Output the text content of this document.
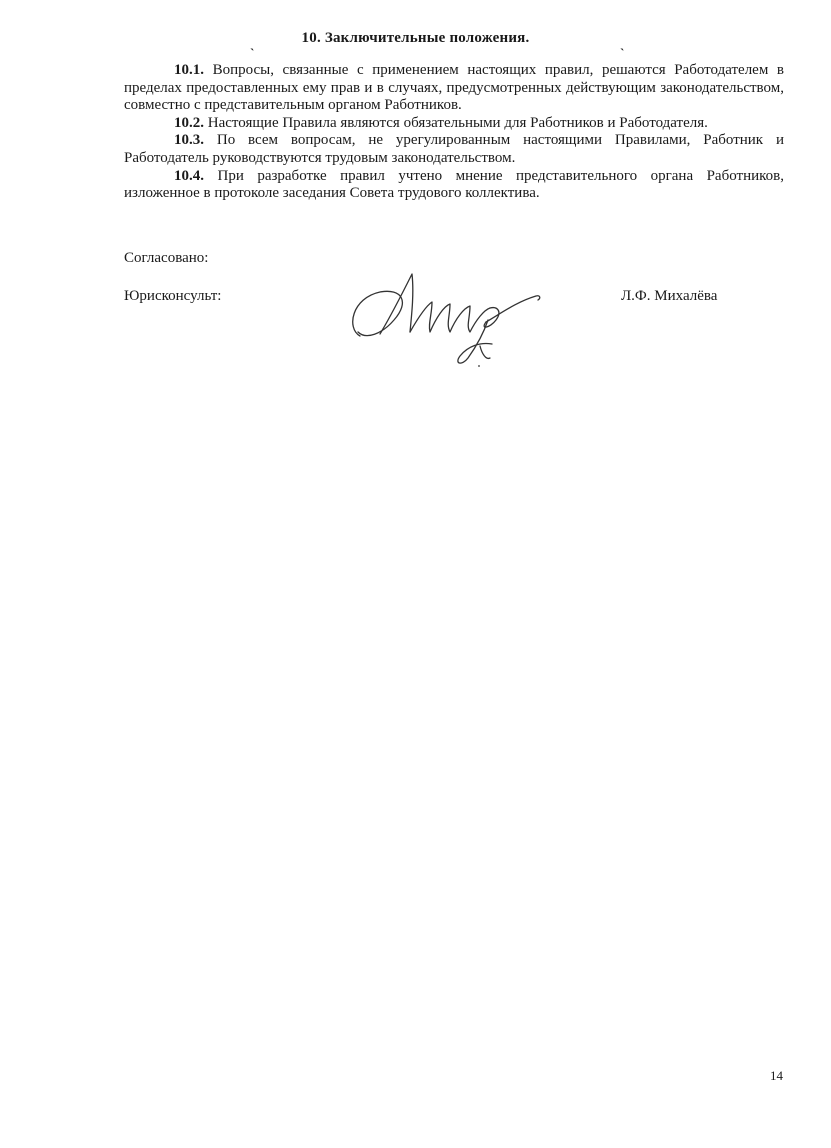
ˎ	ˎ
10. Заключительные положения.

10.1. Вопросы, связанные с применением настоящих правил, решаются Работодателем в пределах предоставленных ему прав и в случаях, предусмотренных действующим законодательством, совместно с представительным органом Работников.

10.2. Настоящие Правила являются обязательными для Работников и Работодателя.

10.3. По всем вопросам, не урегулированным настоящими Правилами, Работник и Работодатель руководствуются трудовым законодательством.

10.4. При разработке правил учтено мнение представительного органа Работников, изложенное в протоколе заседания Совета трудового коллектива.

Согласовано:
Юрисконсульт:	Л.Ф. Михалёва
14
